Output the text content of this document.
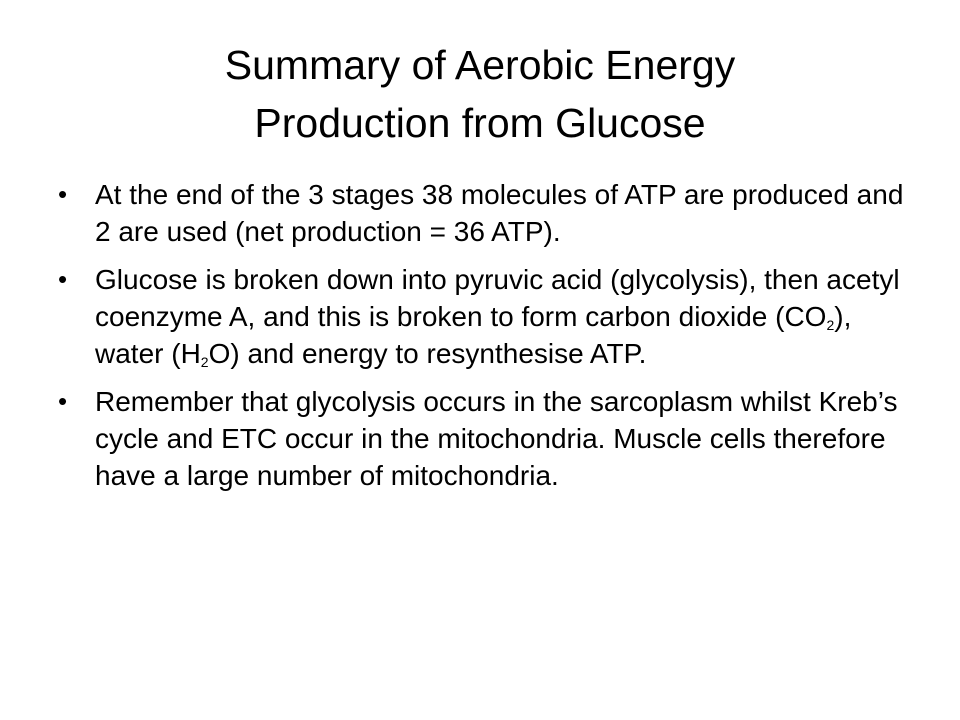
Summary of Aerobic Energy
Production from Glucose
• At the end of the 3 stages 38 molecules of ATP are produced and 2 are used (net production = 36 ATP).
• Glucose is broken down into pyruvic acid (glycolysis), then acetyl coenzyme A, and this is broken to form carbon dioxide $(CO_2)$, water $(H_2O)$ and energy to resynthesise ATP.
• Remember that glycolysis occurs in the sarcoplasm whilst Kreb’s cycle and ETC occur in the mitochondria. Muscle cells therefore have a large number of mitochondria.
